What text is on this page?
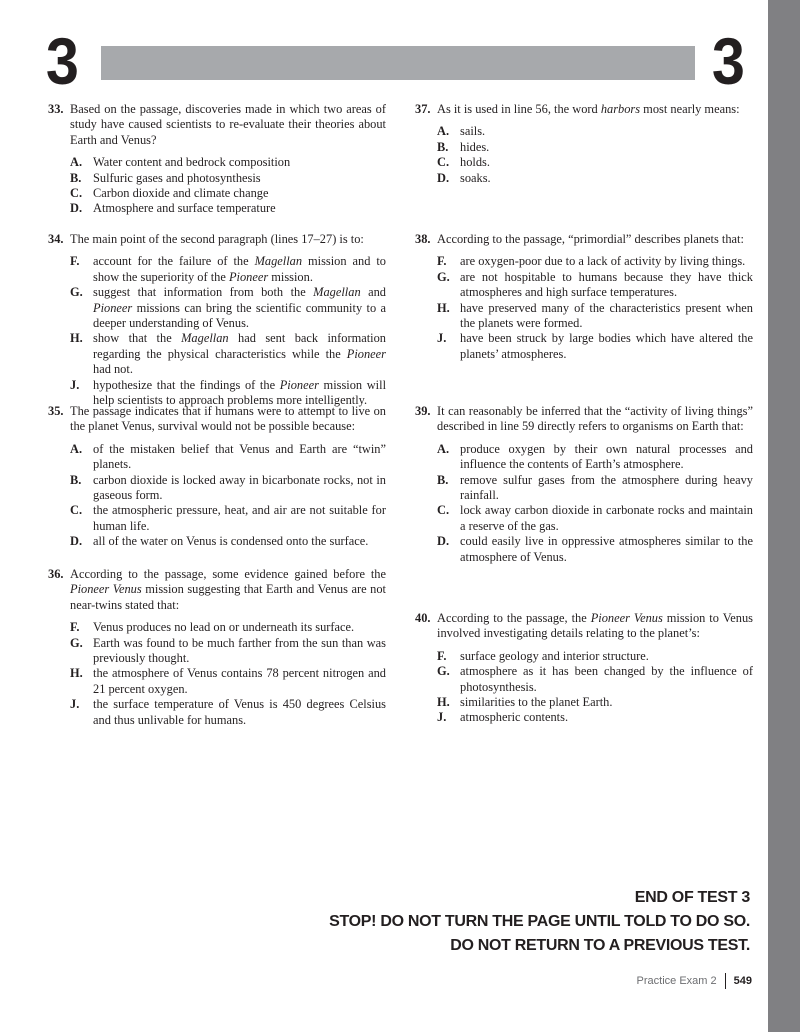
3	3
33. Based on the passage, discoveries made in which two areas of study have caused scientists to re-evaluate their theories about Earth and Venus?
A. Water content and bedrock composition
B. Sulfuric gases and photosynthesis
C. Carbon dioxide and climate change
D. Atmosphere and surface temperature
34. The main point of the second paragraph (lines 17–27) is to:
F.	account for the failure of the Magellan mission and to show the superiority of the Pioneer mission.
G. suggest that information from both the Magellan and Pioneer missions can bring the scientific community to a deeper understanding of Venus.
H. show that the Magellan had sent back information regarding the physical characteristics while the Pioneer had not.
J.	hypothesize that the findings of the Pioneer mission will help scientists to approach problems more intelligently.
35. The passage indicates that if humans were to attempt to live on the planet Venus, survival would not be possible because:
A. of the mistaken belief that Venus and Earth are “twin” planets.
B. carbon dioxide is locked away in bicarbonate rocks, not in gaseous form.
C. the atmospheric pressure, heat, and air are not suitable for human life.
D. all of the water on Venus is condensed onto the surface.
36. According to the passage, some evidence gained before the Pioneer Venus mission suggesting that Earth and Venus are not near-twins stated that:
F.	Venus produces no lead on or underneath its surface.
G. Earth was found to be much farther from the sun than was previously thought.
H. the atmosphere of Venus contains 78 percent nitrogen and 21 percent oxygen.
J.	the surface temperature of Venus is 450 degrees Celsius and thus unlivable for humans.
37. As it is used in line 56, the word harbors most nearly means:
A. sails.
B. hides.
C. holds.
D. soaks.
38. According to the passage, “primordial” describes planets that:
F.	are oxygen-poor due to a lack of activity by living things.
G. are not hospitable to humans because they have thick atmospheres and high surface temperatures.
H. have preserved many of the characteristics present when the planets were formed.
J.	have been struck by large bodies which have altered the planets’ atmospheres.
39. It can reasonably be inferred that the “activity of living things” described in line 59 directly refers to organisms on Earth that:
A. produce oxygen by their own natural processes and influence the contents of Earth’s atmosphere.
B. remove sulfur gases from the atmosphere during heavy rainfall.
C. lock away carbon dioxide in carbonate rocks and maintain a reserve of the gas.
D. could easily live in oppressive atmospheres similar to the atmosphere of Venus.
40. According to the passage, the Pioneer Venus mission to Venus involved investigating details relating to the planet’s:
F.	surface geology and interior structure.
G. atmosphere as it has been changed by the influence of photosynthesis.
H. similarities to the planet Earth.
J.	atmospheric contents.
END OF TEST 3
STOP! DO NOT TURN THE PAGE UNTIL TOLD TO DO SO.
DO NOT RETURN TO A PREVIOUS TEST.
Practice Exam 2 549
